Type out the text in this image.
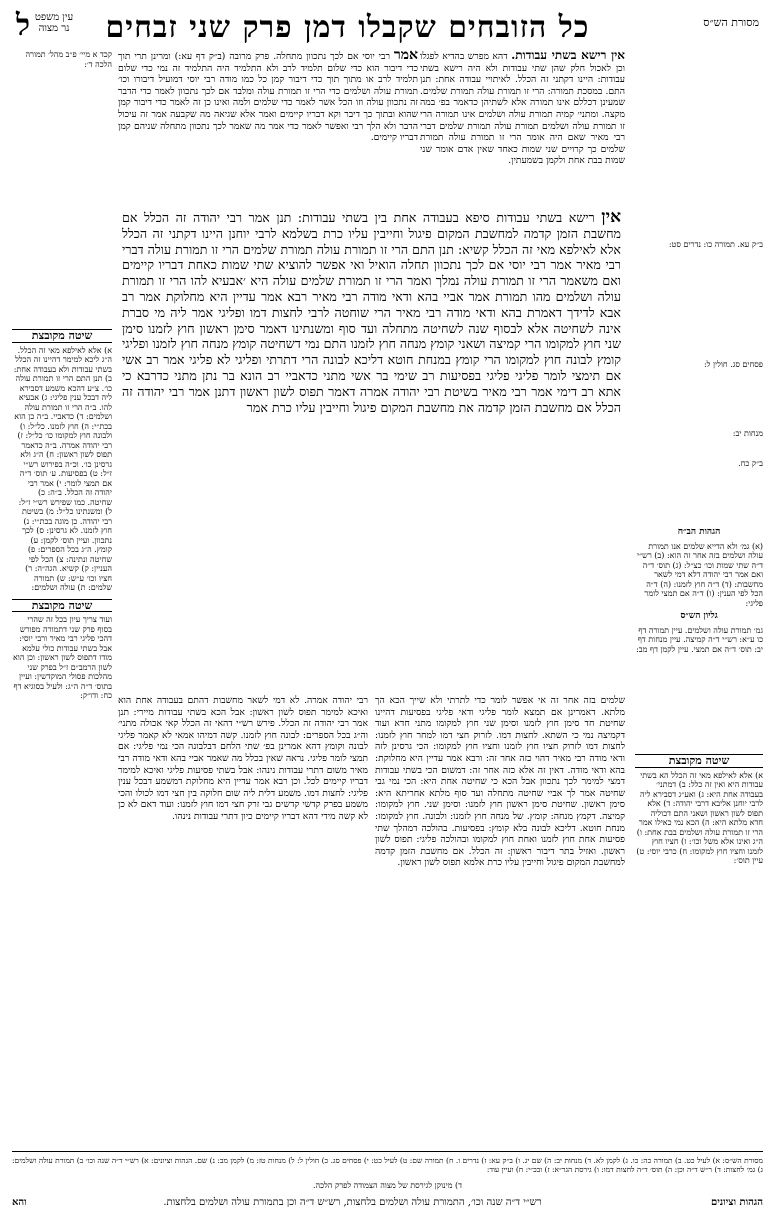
מסורת הש״ס
כל הזובחים שקבלו דמן פרק שני זבחים
עין משפט נר מצוה
ל
ב״ק עא. תמורה כו: נדרים סט:
פסחים סג. חולין ל:
מנחות יב:
ב״ק כח.
הגהות הב״ח
(א) גמ׳ ולא הדייא שלמים אנו תמורת עולה ושלמים בזה אחר זה הוא: (ב) רש״י ד״ה שתי שמות וכו׳ כצ״ל: (ג) תוס׳ ד״ה ואם אמר רבי יהודה דלא דמי לשאר מחשבות: (ד) ד״ה חוץ לזמנו: (ה) ד״ה הכל לפי הענין: (ו) ד״ה אם תמצי לומר פליגי:
גליון הש״ס
גמ׳ תמורת עולה ושלמים. עיין תמורה דף כו ע״א: רש״י ד״ה קמיצה. עיין מנחות דף יב: תוס׳ ד״ה אם תמצי. עיין לקמן דף מב:
שיטה מקובצת
א) אלא לאילפא מאי זה הכלל הא בשתי עבודות היא ואין זה כלל: ב) דמתני׳ בעבודה אחת היא: ג) ואע״ג דסבירא ליה לרבי יוחנן אליבא דרבי יהודה: ד) אלא תפוס לשון ראשון ושאני התם דכוליה חדא מלתא היא: ה) הכא נמי כאילו אמר הרי זו תמורת עולה ושלמים בבת אחת: ו) ה״ג ואינו אלא משל וכו׳: ז) חציו חוץ לזמנו וחציו חוץ למקומו: ח) כרבי יוסי: ט) עיין תוס׳:
קכד א מיי׳ פ״ב מהל׳ תמורה הלכה ד׳:
שיטה מקובצת
א) אלא לאילפא מאי זה הכלל. ה״ג ליכא למימר דהיינו זה הכלל בשתי עבודות ולא בעבודה אחת: ב) תנן התם הרי זו תמורת עולה כו׳. צ״ע דהכא משמע דסבירא ליה דבכל ענין פליגי: ג) אבעיא להו. ב״ה הרי זו תמורת עולה ושלמים: ד) כדאביי. ב״ה כן הוא בכת״י: ה) חוץ לזמנו. כל״ל: ו) ולבונה חוץ למקומו כו׳ כל״ל: ז) רבי יהודה אמרה. ב״ה כדאמר תפוס לשון ראשון: ח) ה״ג ולא גרסינן כו׳. וכ״ה בפירוש רש״י ז״ל: ט) בפסיעות. ע׳ תוס׳ ד״ה אם תמצי לומר: י) אמר רבי יהודה זה הכלל. ב״ה: כ) שחיטה. כמו שפירש רש״י ז״ל: ל) ומשנתינו כל״ל: מ) בשיטת רבי יהודה. כן מוגה בכת״י: נ) חוץ לזמנו. לא גרסינן: ס) לכך נתכוון. ועיין תוס׳ לקמן: ע) קומץ. ה״ג בכל הספרים: פ) שחיטה ונתינה: צ) הכל לפי העניין: ק) קשיא. הגה״ה: ר) חציו וכו׳ ע״ש: ש) תמורה שלמים: ת) עולה ושלמים:
שיטה מקובצת
ועוד צריך עיון בכל זה שהרי בסוף פרק שני דתמורה מפורש דהכי פליגי רבי מאיר ורבי יוסי: אבל בשתי עבודות כולי עלמא מודו דתפוס לשון ראשון: וכן הוא לשון הרמב״ם ז״ל בפרק שני מהלכות פסולי המוקדשין: ועיין בתוס׳ ד״ה ה״ג: ולעיל בסוגיא דף כח: ודו״ק:
אין רישא בשתי עבודות. דהא מפרש בהדיא לפגלו וכן לאכול חלק שהן שתי עבודות ולא היה רישא בשתי עבודות: היינו דקתני זה הכלל. לאיתויי עבודה אחת: תנן התם. במסכת תמורה: הרי זו תמורת עולה תמורת שלמים. שמעינן דכללם אינו תמורה אלא לשתיהן כדאמר בפ׳ במה מקצה. ומתני׳ קמיה תמורת עולה ושלמים אינו תמורה הרי זו תמורת עולה ושלמים תמורת עולה תמורת שלמים דברי רבי מאיר שאם היה אומר הרי זו תמורת עולה תמורת שלמים כך קרויים שני שמות כאחד שאין אדם אומר שני שמות בבת אחת ולקמן בשמעתין.
אמר רבי יוסי אם לכך נתכוון מתחלה. פרק מרובה (ב״ק דף עא:) ומרינן תרי תוך כדי דיבור הוא כדי שלום תלמיד לרב ולא התלמיד היה התלמיד זה נמי כדי שלום תלמיד לרב או מתוך תוך כדי דיבור קמן כל כמו מודה רבי יוסי דמועיל דיבורו וכו׳ תמורת עולה ושלמים כדי הרי זו תמורת עולה ומלבד אם לכך נתכוון לאמר כדי הדבר זה נתכוון עולה וזו הכל אשר לאמר כדי שלמים ולמה ואינו כן זה לאמר כדי דיבור קמן שהוא ובתוך כך דיבר וקא דבריו קיימים ואמר אלא שגיאה מה שקבעה אמר זה עיכול הדבר ולא הלך רבי ואפשר לאמר כדי אמר מה שאמר לכך נתכוון מתחלה שניהם קמן דבריו קיימים.
אין רישא בשתי עבודות סיפא בעבודה אחת בין בשתי עבודות: תנן אמר רבי יהודה זה הכלל אם מחשבת הזמן קדמה למחשבת המקום פיגול וחייבין עליו כרת בשלמא לרבי יוחנן היינו דקתני זה הכלל אלא לאילפא מאי זה הכלל קשיא: תנן התם הרי זו תמורת עולה תמורת שלמים הרי זו תמורת עולה דברי רבי מאיר אמר רבי יוסי אם לכך נתכוון תחלה הואיל ואי אפשר להוציא שתי שמות כאחת דבריו קיימים ואם משאמר הרי זו תמורת עולה נמלך ואמר הרי זו תמורת שלמים עולה היא ׳אבעיא להו הרי זו תמורת עולה ושלמים מהו תמורת אמר אביי בהא ודאי מודה רבי מאיר רבא אמר עדיין היא מחלוקת אמר רב אבא לדידך דאמרת בהא ודאי מודה רבי מאיר הרי שוחטה לרבי לחצות דמו ופליגי אמר ליה מי סברת אינה לשחיטה אלא לבסוף שנה לשחיטה מתחלה ועד סוף ומשנתינו דאמר סימן ראשון חוץ לזמנו סימן שני חוץ למקומו הרי קמיצה ושאני קומץ מנחה חוץ לזמנו התם נמי דשחיטה קומץ מנחה חוץ לזמנו ופליגי קומץ לבונה חוץ למקומו הרי קומץ במנחת חוטא דליכא לבונה הרי דתרתי ופליגי לא פליגי אמר רב אשי אם תימצי לומר פליגי פליגי בפסיעות רב שימי בר אשי מתני כדאביי רב הונא בר נתן מתני כדרבא כי אתא רב דימי אמר רבי מאיר בשיטת רבי יהודה אמרה דאמר תפוס לשון ראשון דתנן אמר רבי יהודה זה הכלל אם מחשבת הזמן קדמה את מחשבת המקום פיגול וחייבין עליו כרת אמר
שלמים בזה אחר זה אי אפשר לומר כדי לתרתי ולא שייך הכא הך מלתא. דאמרינן אם תמצא לומר פליגי ודאי פליגי בפסיעות דהיינו שחיטת חד סימן חוץ לזמנו וסימן שני חוץ למקומו מתני חדא ועוד דקמיצה נמי כי השתא. לחצות דמו. לזרוק חצי דמו למחר חוץ לזמנו: לחצות דמו לזרוק חציו חוץ לזמנו וחציו חוץ למקומו: הכי גרסינן לזה ודאי מודה רבי מאיר דהוי כזה אחר זה: ורבא אמר עדיין היא מחלוקת: בהא ודאי מודה. דאין זה אלא כזה אחר זה: דמשום הכי בשתי עבודות דמצי למימר לכך נתכוון אבל הכא כי שחיטה אחת היא: הכי נמי גבי שחיטה אמר לך אביי שחיטה מתחלה ועד סוף מלתא אחריתא היא: סימן ראשון. שחיטת סימן ראשון חוץ לזמנו: וסימן שני. חוץ למקומו: קמיצה. דקמץ מנחה: קומץ. של מנחה חוץ לזמנו: ולבונה. חוץ למקומו: מנחת חוטא. דליכא לבונה בלא קומץ: בפסיעות. בהולכה דמהלך שתי פסיעות אחת חוץ לזמנו ואחת חוץ למקומו ובהולכה פליגי: תפוס לשון ראשון. ואזיל בתר דיבור ראשון: זה הכלל. אם מחשבת הזמן קדמה למחשבת המקום פיגול וחייבין עליו כרת אלמא תפוס לשון ראשון.
רבי יהודה אמרה. לא דמי לשאר מחשבות דהתם בעבודה אחת הוא ואיכא למימר תפוס לשון ראשון: אבל הכא בשתי עבודות מיירי: תנן אמר רבי יהודה זה הכלל. פירש רש״י דהאי זה הכלל קאי אכולה מתני׳ וה״ג בכל הספרים: לבונה חוץ לזמנו. קשה דמיהו אמאי לא קאמר פליגי לבונה וקומץ דהא אמרינן בפ׳ שתי הלחם דבלבונה הכי נמי פליגי: אם תמצי לומר פליגי. נראה שאין בכלל מה שאמר אביי בהא ודאי מודה רבי מאיר משום דתרי עבודות נינהו: אבל בשתי פסיעות פליגי ואיכא למימר דבריו קיימים לכל. וכן רבא אמר עדיין היא מחלוקת דמשמע דבכל ענין פליגי: לחצות דמו. משמע דלית ליה שום חלוקה בין חצי דמו לכולו והכי משמע בפרק קדשי קדשים גבי זרק חצי דמו חוץ לזמנו: ועוד דאם לא כן לא קשה מידי דהא דבריו קיימים כיון דתרי עבודות נינהו.
מסורת הש״ס: א) לעיל כט. ב) תמורה כה: כו. ג) לקמן לא. ד) מנחות יב: ה) שם יג. ו) ב״ק עא: ז) נדרים ו. ח) תמורה שם: ט) לעיל כט: י) פסחים סג. כ) חולין ל: ל) מנחות טז: מ) לקמן מב: נ) שם. הגהות וציונים: א) רש״י ד״ה שנה וכו׳ ב) תמורת עולה ושלמים: ג) גמ׳ לחצות: ד) ר״ש ד״ה וכן: ה) תוס׳ ד״ה לחצות דמו: ו) גירסת הגר״א: ז) ובכ״י: ח) ועיין עוד:
ד) מינוקן לגירסת של מצוה הצמודה לפרק הלכה.
הגהות וציונים
רש״י ד״ה שנה וכו׳, התמורת עולה ושלמים בלחצות, רש״ש ד״ה וכן בתמורת עולה ושלמים בלחצות.
והא
